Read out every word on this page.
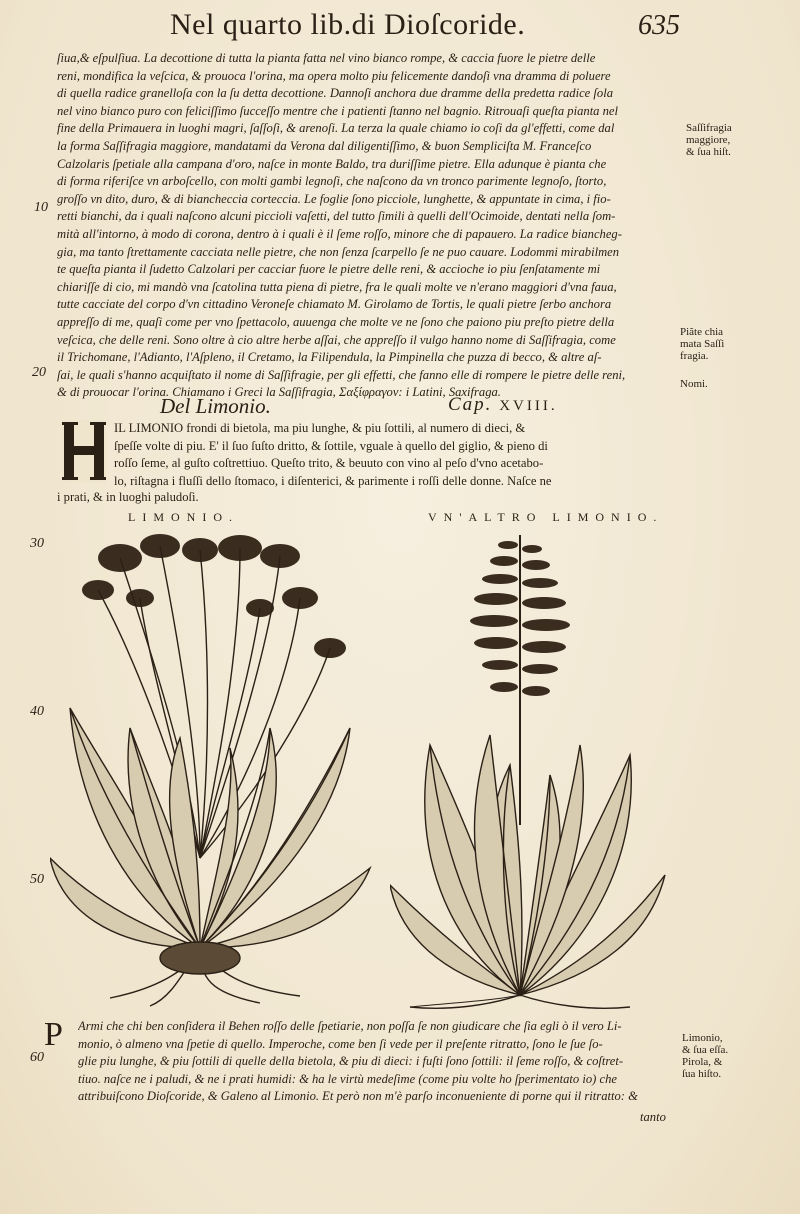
Nel quarto lib.di Dioſcoride.	635
ſiua,& eſpulſiua. La decottione di tutta la pianta fatta nel vino bianco rompe, & caccia fuore le pietre delle
reni, mondifica la veſcica, & prouoca l'orina, ma opera molto piu felicemente dandoſi vna dramma di poluere
di quella radice granelloſa con la ſu detta decottione. Dannoſi anchora due dramme della predetta radice ſola
nel vino bianco puro con feliciſſimo ſucceſſo mentre che i patienti ſtanno nel bagnio. Ritrouaſi queſta pianta nel
fine della Primauera in luoghi magri, ſaſſoſi, & arenoſi. La terza la quale chiamo io coſi da gl'effetti, come dal
la forma Saſſifragia maggiore, mandatami da Verona dal diligentiſſimo, & buon Sempliciſta M. Franceſco
Calzolaris ſpetiale alla campana d'oro, naſce in monte Baldo, tra duriſſime pietre. Ella adunque è pianta che
di forma riferiſce vn arboſcello, con molti gambi legnoſi, che naſcono da vn tronco parimente legnoſo, ſtorto,
groſſo vn dito, duro, & di biancheccia corteccia. Le foglie ſono picciole, lunghette, & appuntate in cima, i fio-
retti bianchi, da i quali naſcono alcuni piccioli vaſetti, del tutto ſimili à quelli dell'Ocimoide, dentati nella ſom-
mità all'intorno, à modo di corona, dentro à i quali è il ſeme roſſo, minore che di papauero. La radice biancheg-
gia, ma tanto ſtrettamente cacciata nelle pietre, che non ſenza ſcarpello ſe ne puo cauare. Lodommi mirabilmen
te queſta pianta il ſudetto Calzolari per cacciar fuore le pietre delle reni, & accioche io piu ſenſatamente mi
chiariſſe di cio, mi mandò vna ſcatolina tutta piena di pietre, fra le quali molte ve n'erano maggiori d'vna faua,
tutte cacciate del corpo d'vn cittadino Veroneſe chiamato M. Girolamo de Tortis, le quali pietre ſerbo anchora
appreſſo di me, quaſi come per vno ſpettacolo, auuenga che molte ve ne ſono che paiono piu preſto pietre della
veſcica, che delle reni. Sono oltre à cio altre herbe aſſai, che appreſſo il vulgo hanno nome di Saſſifragia, come
il Trichomane, l'Adianto, l'Aſpleno, il Cretamo, la Filipendula, la Pimpinella che puzza di becco, & altre aſ-
ſai, le quali s'hanno acquiſtato il nome di Saſſifragie, per gli effetti, che fanno elle di rompere le pietre delle reni,
& di prouocar l'orina. Chiamano i Greci la Saſſifragia, Σαξίφραγον: i Latini, Saxifraga.
Saſſifragia
maggiore,
& ſua hiſt.
Piãte chia
mata Saſſi
fragia.
Nomi.
Limonio,
& ſua eſſa.
Pirola, &
ſua hiſto.
10
20
30
40
50
60
Del Limonio.	Cap. XVIII.
IL LIMONIO frondi di bietola, ma piu lunghe, & piu ſottili, al numero di dieci, &
ſpeſſe volte di piu. E' il ſuo ſuſto dritto, & ſottile, vguale à quello del giglio, & pieno di
roſſo ſeme, al guſto coſtrettiuo. Queſto trito, & beuuto con vino al peſo d'vno acetabo-
lo, riſtagna i fluſſi dello ſtomaco, i diſenterici, & parimente i roſſi delle donne. Naſce ne
i prati, & in luoghi paludoſi.
LIMONIO.	VN'ALTRO LIMONIO.
P Armi che chi ben conſidera il Behen roſſo delle ſpetiarie, non poſſa ſe non giudicare che ſia egli ò il vero Li-
monio, ò almeno vna ſpetie di quello. Imperoche, come ben ſi vede per il preſente ritratto, ſono le ſue ſo-
glie piu lunghe, & piu ſottili di quelle della bietola, & piu di dieci: i fuſti ſono ſottili: il ſeme roſſo, & coſtret-
tiuo. naſce ne i paludi, & ne i prati humidi: & ha le virtù medeſime (come piu volte ho ſperimentato io) che
attribuiſcono Dioſcoride, & Galeno al Limonio. Et però non m'è parſo inconueniente di porne qui il ritratto: &
tanto
